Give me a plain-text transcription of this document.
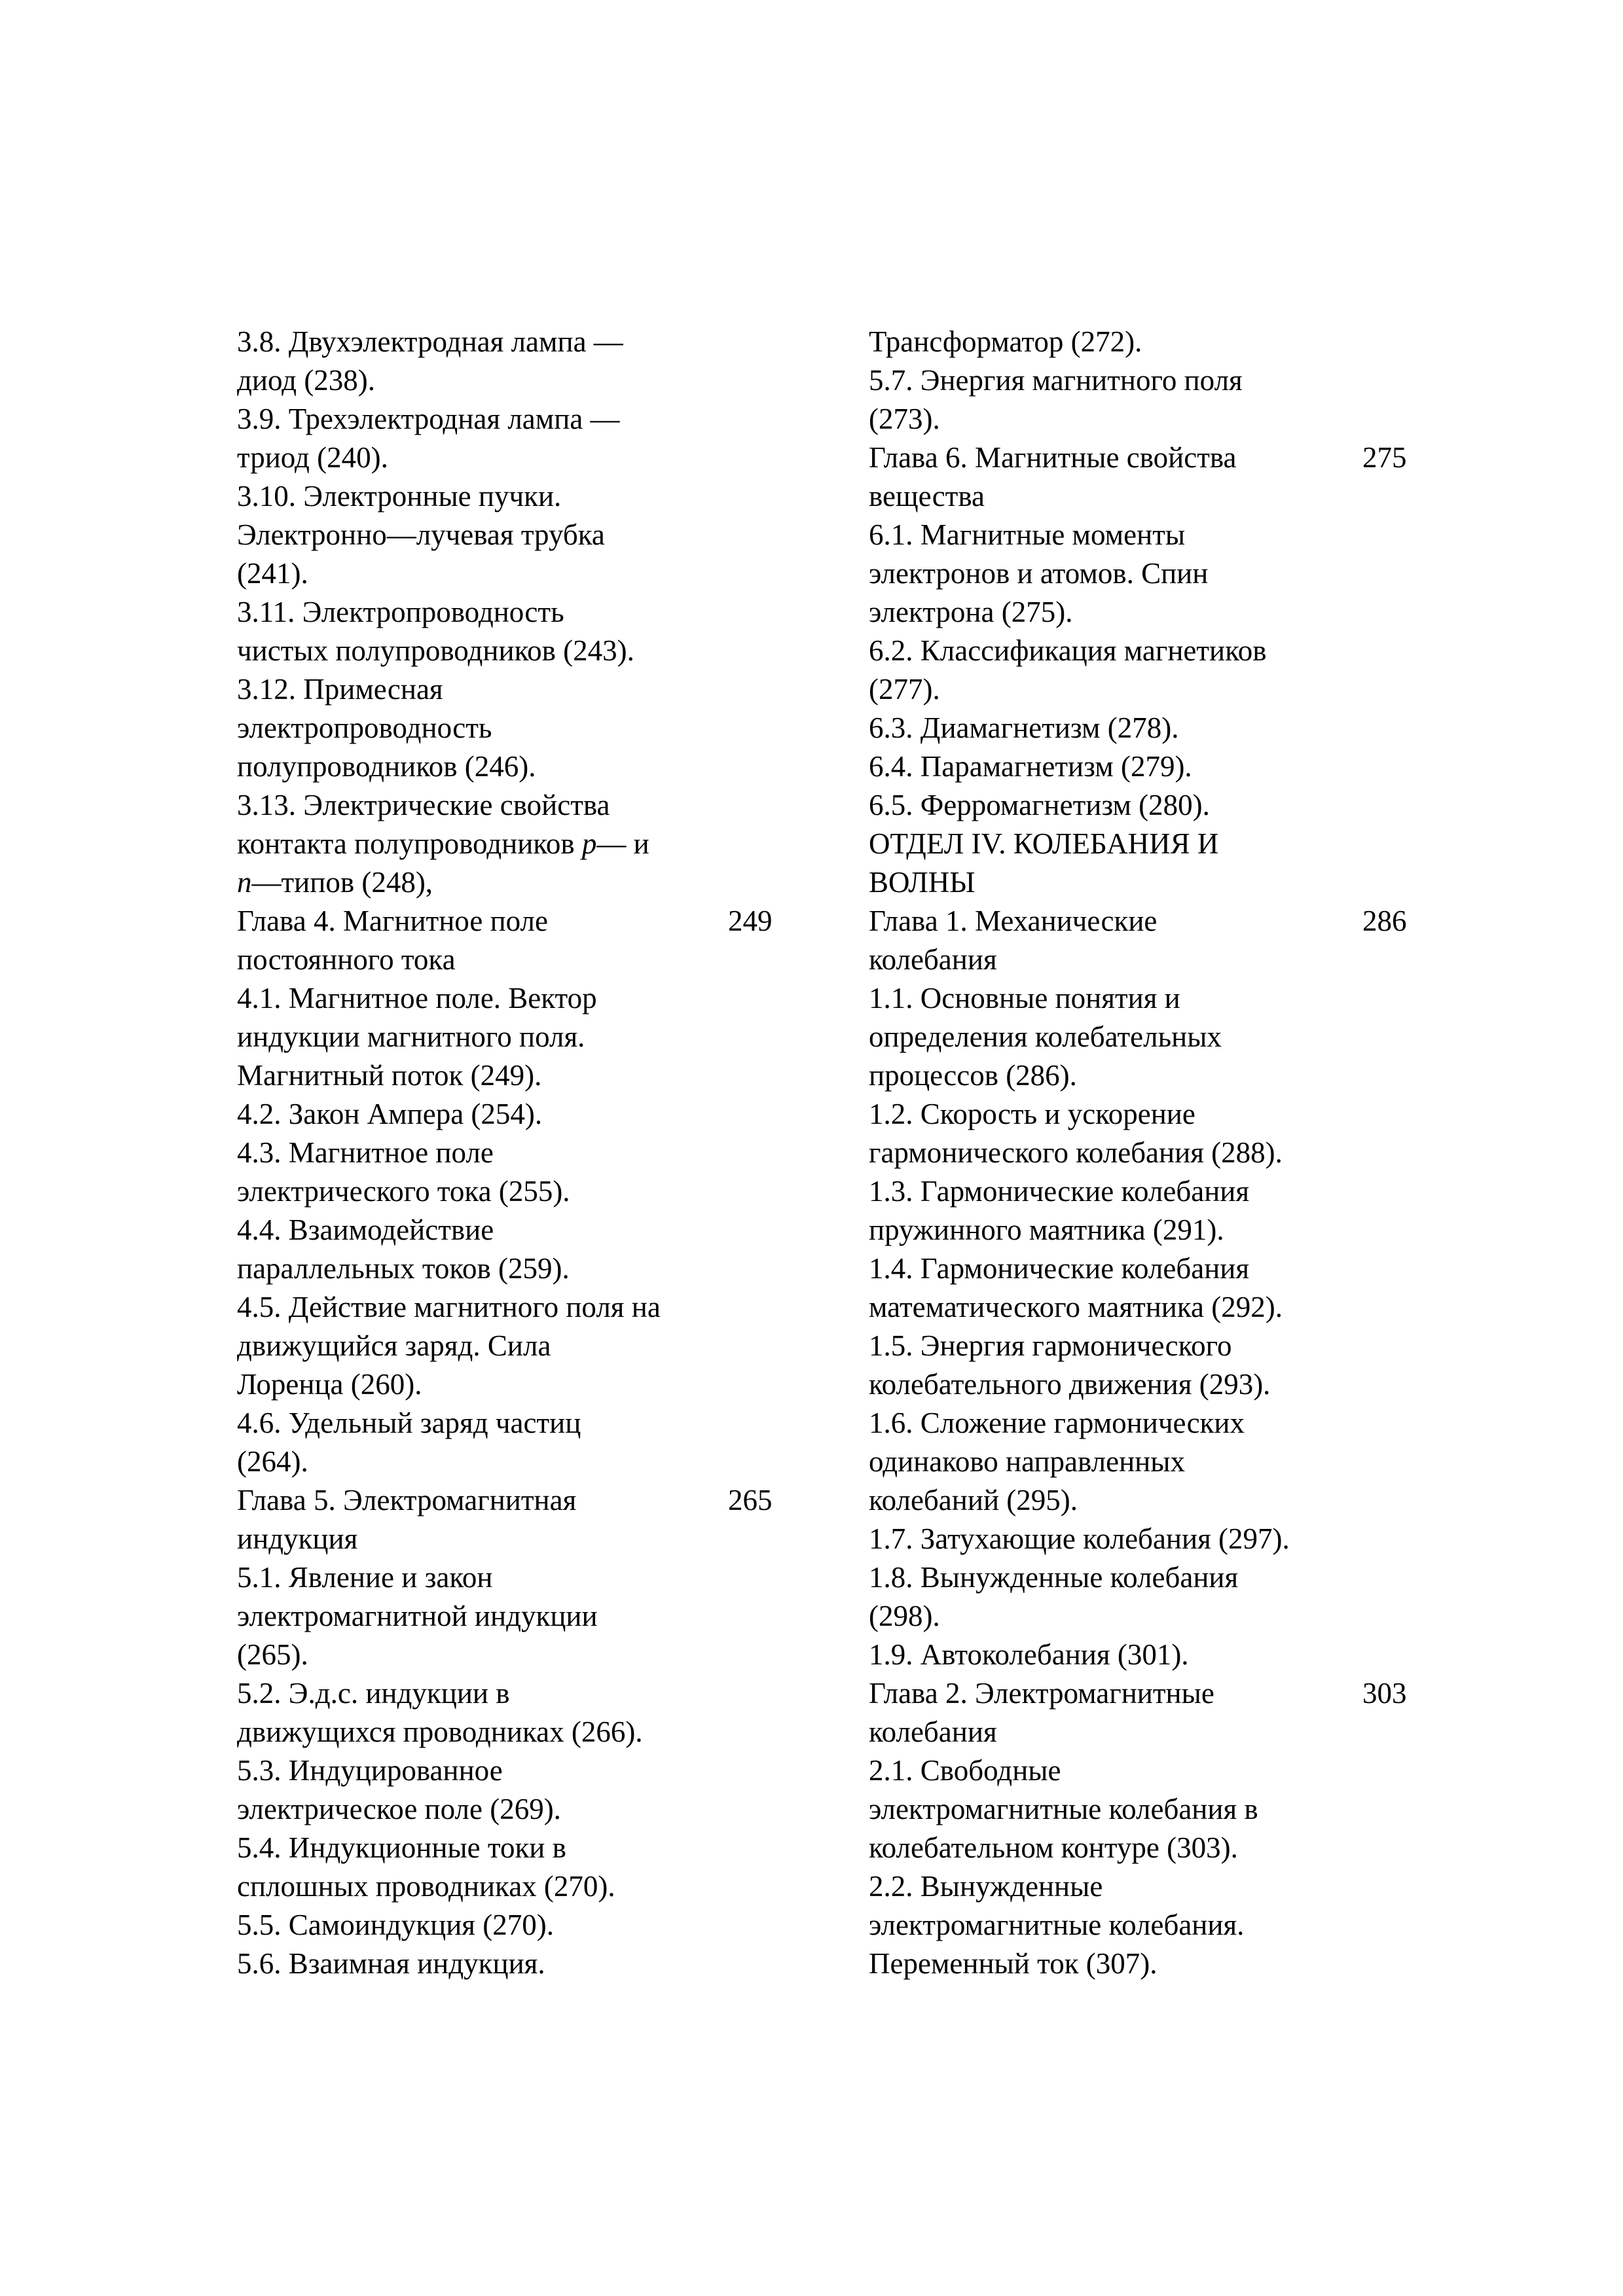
3.8. Двухэлектродная лампа —
диод (238).
3.9. Трехэлектродная лампа —
триод (240).
3.10. Электронные пучки.
Электронно—лучевая трубка
(241).
3.11. Электропроводность
чистых полупроводников (243).
3.12. Примесная
электропроводность
полупроводников (246).
3.13. Электрические свойства
контакта полупроводников p— и
n—типов (248),
Глава 4. Магнитное поле	249
постоянного тока
4.1. Магнитное поле. Вектор
индукции магнитного поля.
Магнитный поток (249).
4.2. Закон Ампера (254).
4.3. Магнитное поле
электрического тока (255).
4.4. Взаимодействие
параллельных токов (259).
4.5. Действие магнитного поля на
движущийся заряд. Сила
Лоренца (260).
4.6. Удельный заряд частиц
(264).
Глава 5. Электромагнитная	265
индукция
5.1. Явление и закон
электромагнитной индукции
(265).
5.2. Э.д.с. индукции в
движущихся проводниках (266).
5.3. Индуцированное
электрическое поле (269).
5.4. Индукционные токи в
сплошных проводниках (270).
5.5. Самоиндукция (270).
5.6. Взаимная индукция.
Трансформатор (272).
5.7. Энергия магнитного поля
(273).
Глава 6. Магнитные свойства	275
вещества
6.1. Магнитные моменты
электронов и атомов. Спин
электрона (275).
6.2. Классификация магнетиков
(277).
6.3. Диамагнетизм (278).
6.4. Парамагнетизм (279).
6.5. Ферромагнетизм (280).
ОТДЕЛ IV. КОЛЕБАНИЯ И
ВОЛНЫ
Глава 1. Механические	286
колебания
1.1. Основные понятия и
определения колебательных
процессов (286).
1.2. Скорость и ускорение
гармонического колебания (288).
1.3. Гармонические колебания
пружинного маятника (291).
1.4. Гармонические колебания
математического маятника (292).
1.5. Энергия гармонического
колебательного движения (293).
1.6. Сложение гармонических
одинаково направленных
колебаний (295).
1.7. Затухающие колебания (297).
1.8. Вынужденные колебания
(298).
1.9. Автоколебания (301).
Глава 2. Электромагнитные	303
колебания
2.1. Свободные
электромагнитные колебания в
колебательном контуре (303).
2.2. Вынужденные
электромагнитные колебания.
Переменный ток (307).
